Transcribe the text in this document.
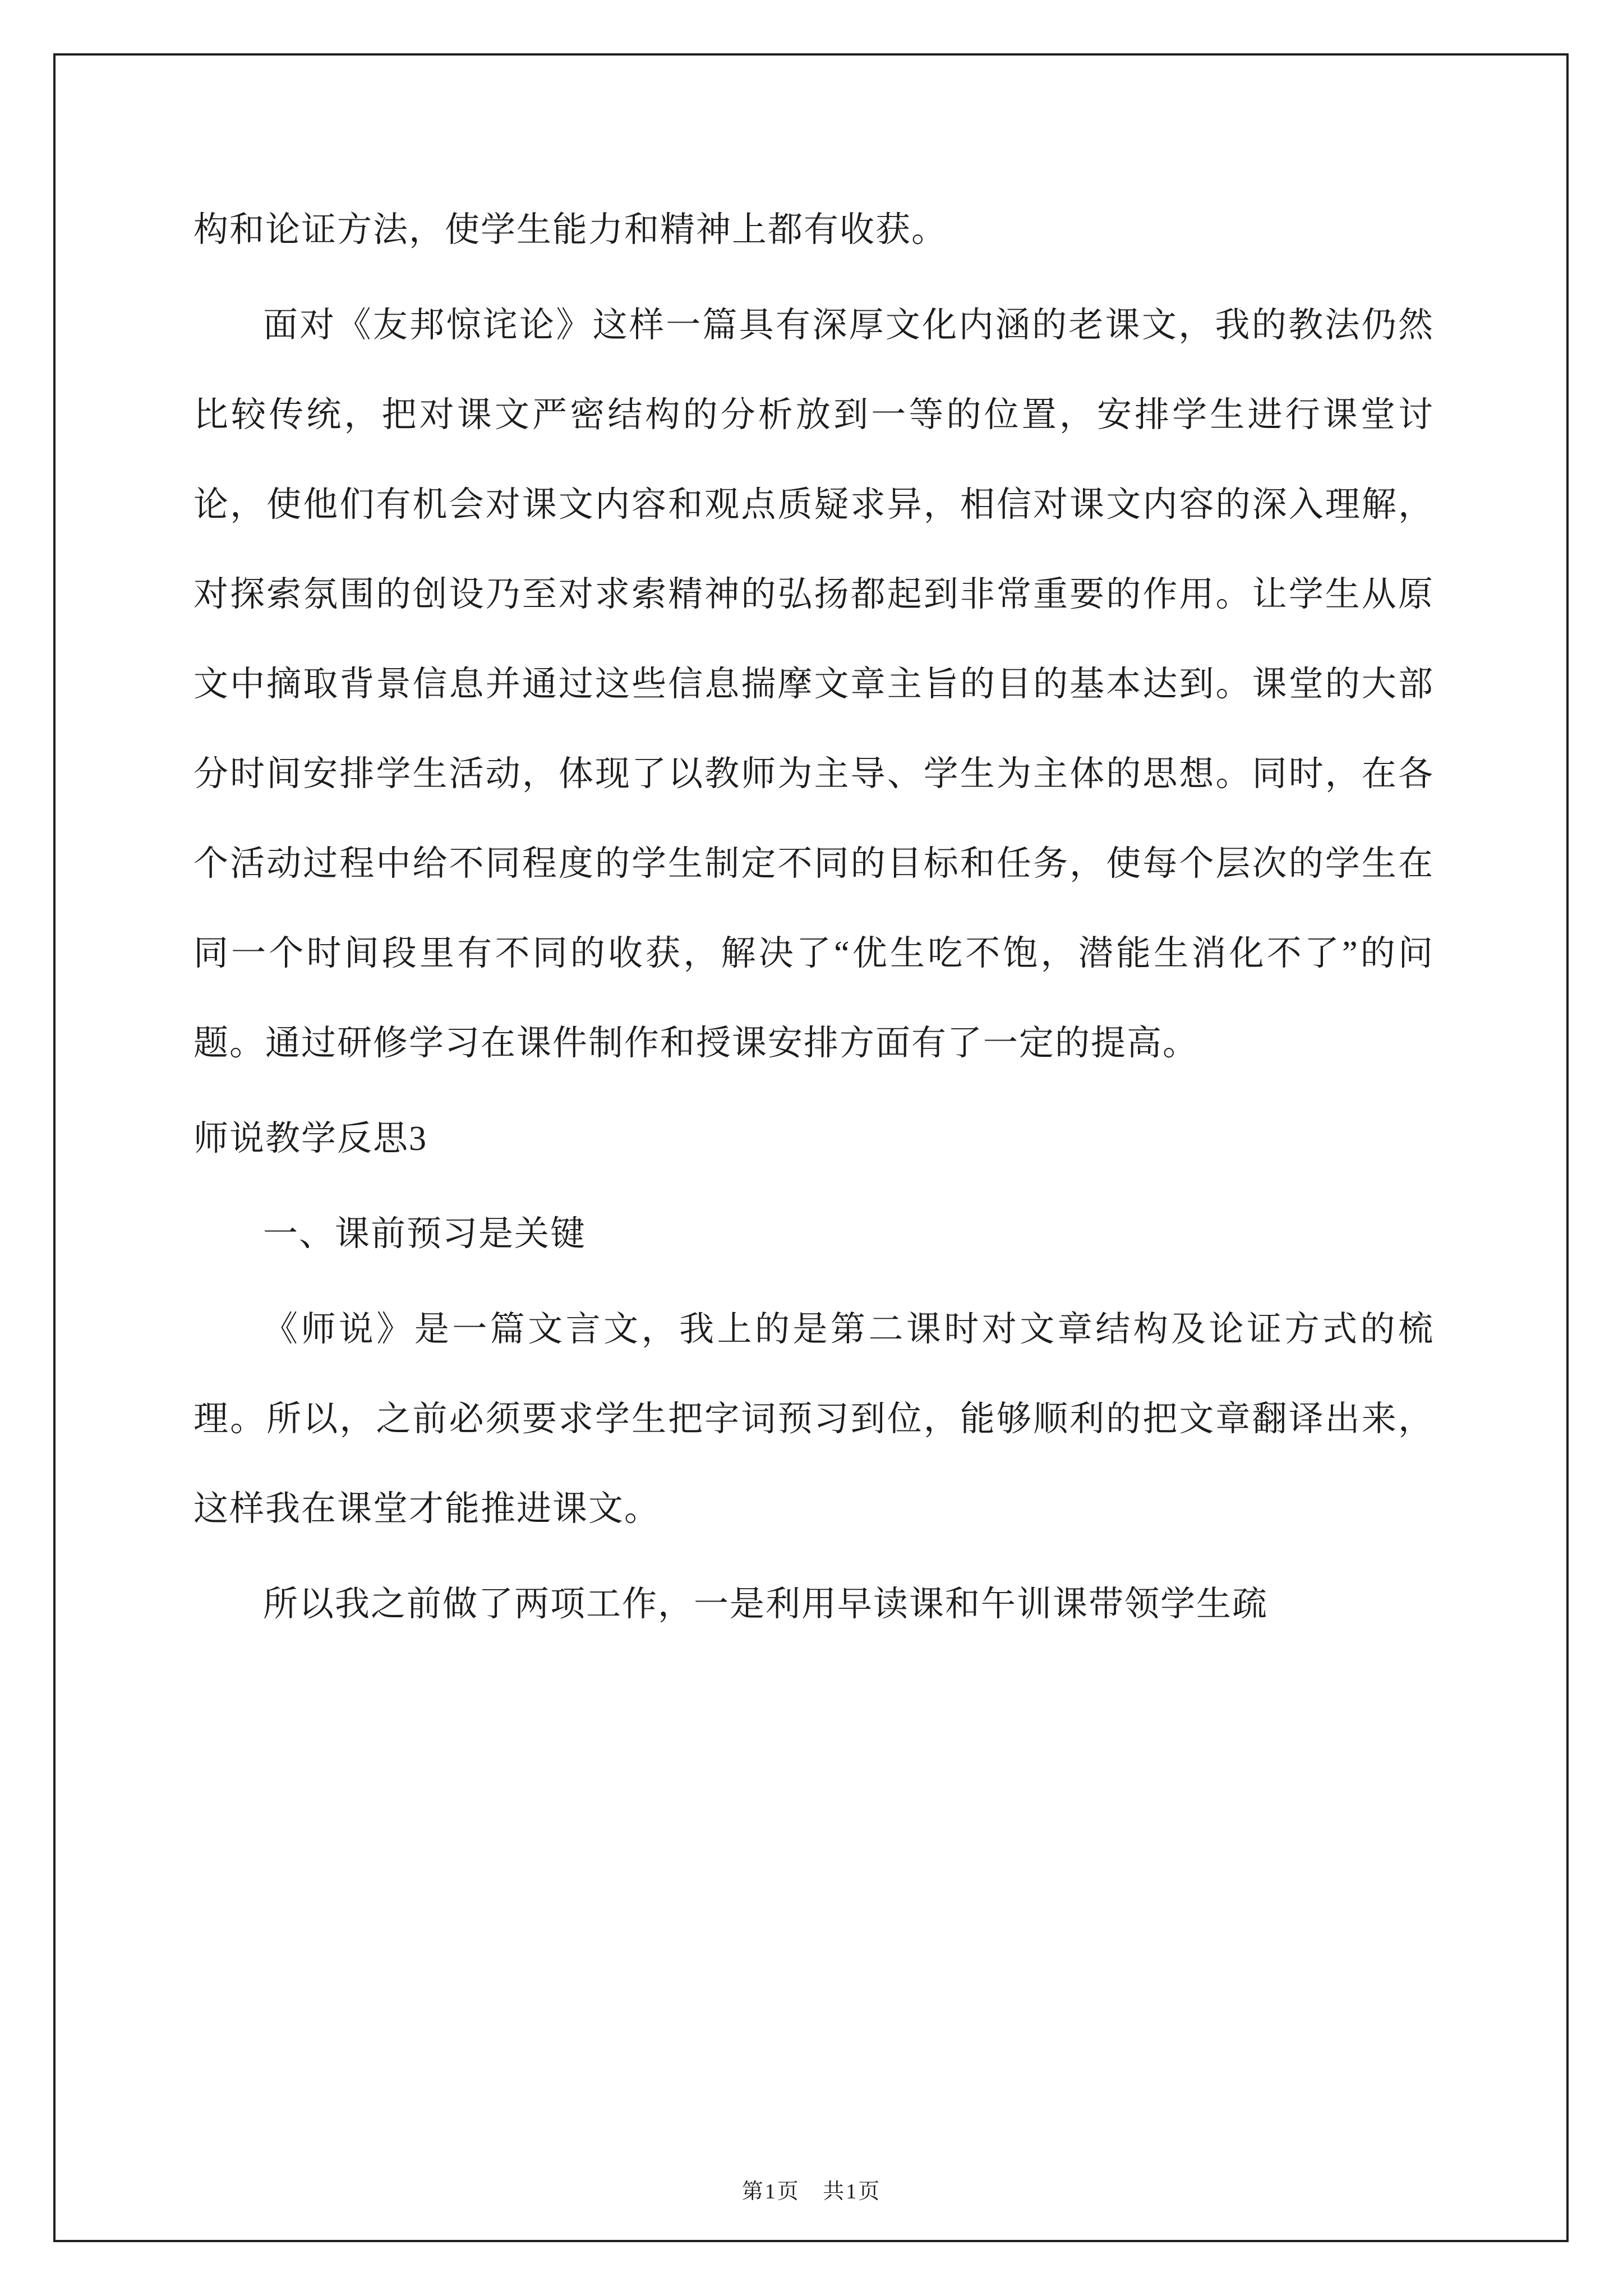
构和论证方法，使学生能力和精神上都有收获。

面对《友邦惊诧论》这样一篇具有深厚文化内涵的老课文，我的教法仍然比较传统，把对课文严密结构的分析放到一等的位置，安排学生进行课堂讨论，使他们有机会对课文内容和观点质疑求异，相信对课文内容的深入理解，对探索氛围的创设乃至对求索精神的弘扬都起到非常重要的作用。让学生从原文中摘取背景信息并通过这些信息揣摩文章主旨的目的基本达到。课堂的大部分时间安排学生活动，体现了以教师为主导、学生为主体的思想。同时，在各个活动过程中给不同程度的学生制定不同的目标和任务，使每个层次的学生在同一个时间段里有不同的收获，解决了“优生吃不饱，潜能生消化不了”的问题。通过研修学习在课件制作和授课安排方面有了一定的提高。

师说教学反思3

一、课前预习是关键

《师说》是一篇文言文，我上的是第二课时对文章结构及论证方式的梳理。所以，之前必须要求学生把字词预习到位，能够顺利的把文章翻译出来，这样我在课堂才能推进课文。

所以我之前做了两项工作，一是利用早读课和午训课带领学生疏

第1页 共1页
